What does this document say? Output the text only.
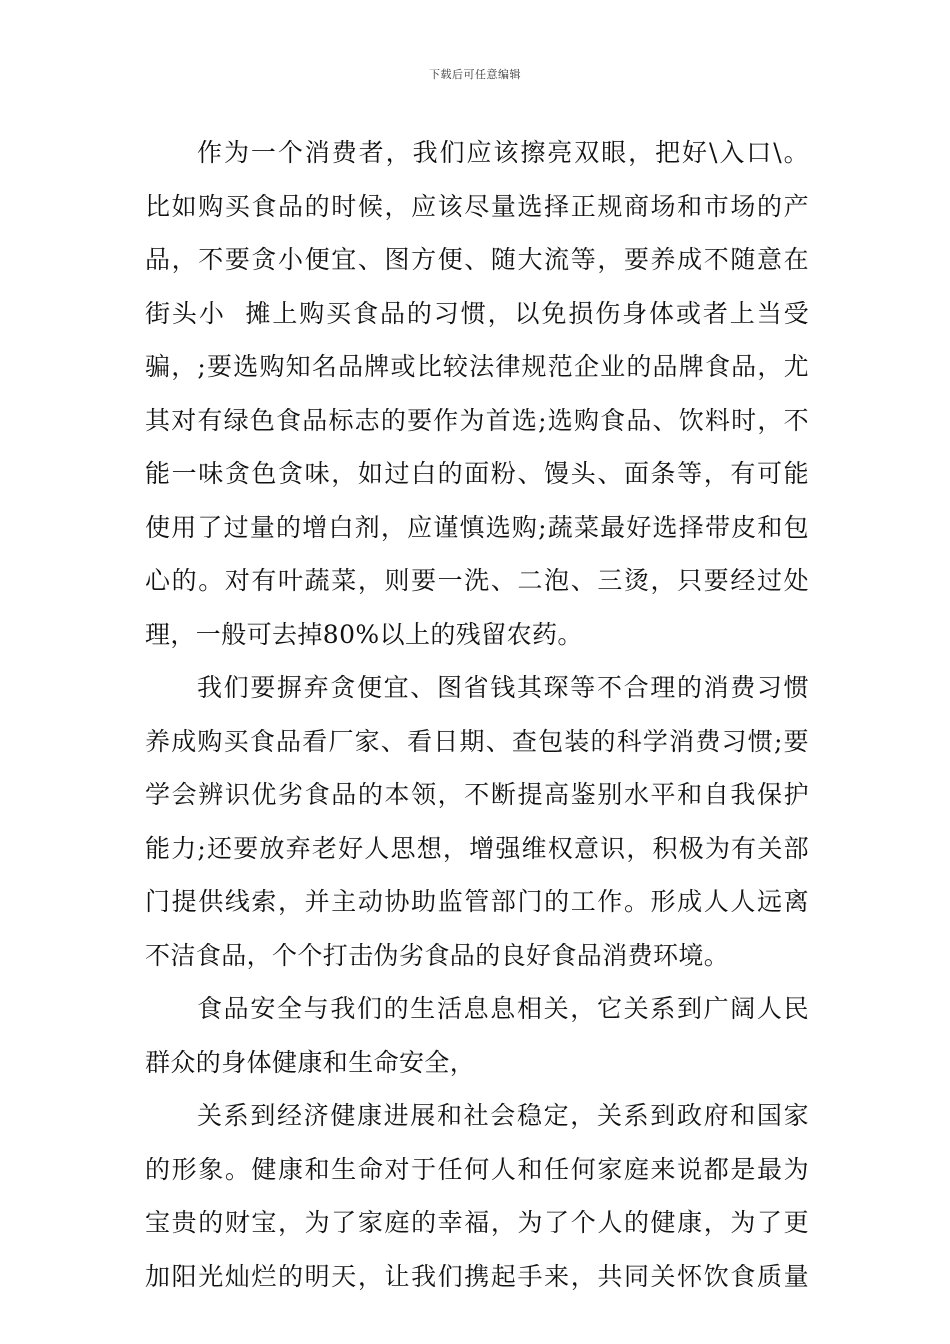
下载后可任意编辑
作为一个消费者，我们应该擦亮双眼，把好\入口\。
比如购买食品的时候，应该尽量选择正规商场和市场的产
品，不要贪小便宜、图方便、随大流等，要养成不随意在
街头小  摊上购买食品的习惯，以免损伤身体或者上当受
骗，;要选购知名品牌或比较法律规范企业的品牌食品，尤
其对有绿色食品标志的要作为首选;选购食品、饮料时，不
能一味贪色贪味，如过白的面粉、馒头、面条等，有可能
使用了过量的增白剂，应谨慎选购;蔬菜最好选择带皮和包
心的。对有叶蔬菜，则要一洗、二泡、三烫，只要经过处
理，一般可去掉80%以上的残留农药。
我们要摒弃贪便宜、图省钱其琛等不合理的消费习惯
养成购买食品看厂家、看日期、查包装的科学消费习惯;要
学会辨识优劣食品的本领，不断提高鉴别水平和自我保护
能力;还要放弃老好人思想，增强维权意识，积极为有关部
门提供线索，并主动协助监管部门的工作。形成人人远离
不洁食品，个个打击伪劣食品的良好食品消费环境。
食品安全与我们的生活息息相关，它关系到广阔人民
群众的身体健康和生命安全，
关系到经济健康进展和社会稳定，关系到政府和国家
的形象。健康和生命对于任何人和任何家庭来说都是最为
宝贵的财宝，为了家庭的幸福，为了个人的健康，为了更
加阳光灿烂的明天，让我们携起手来，共同关怀饮食质量
